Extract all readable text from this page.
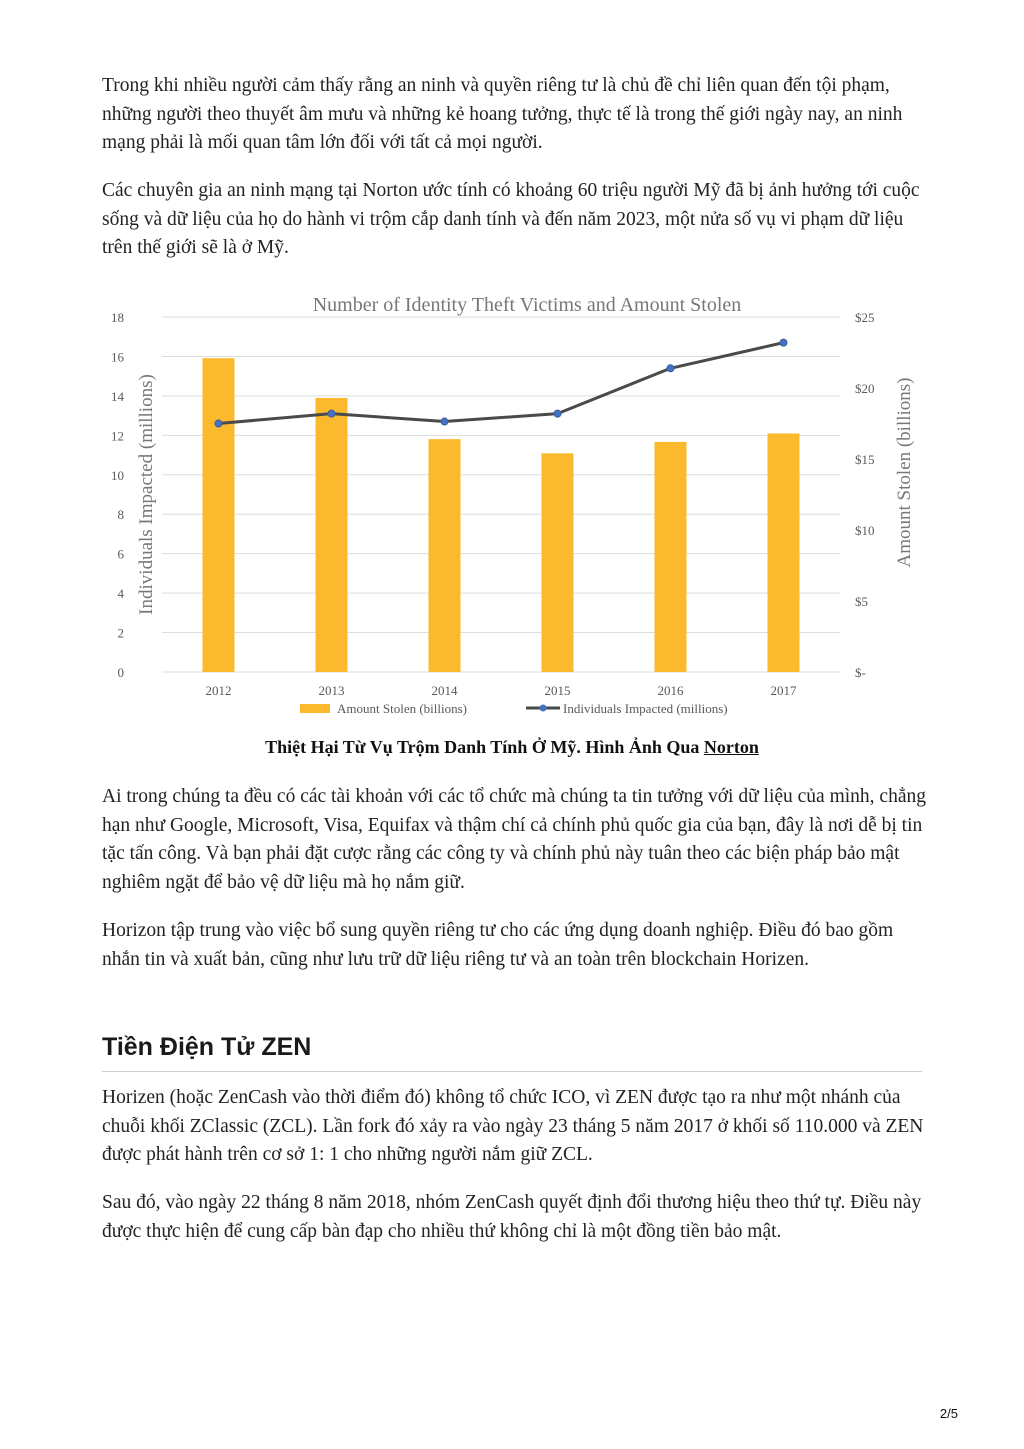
Trong khi nhiều người cảm thấy rằng an ninh và quyền riêng tư là chủ đề chỉ liên quan đến tội phạm, những người theo thuyết âm mưu và những kẻ hoang tưởng, thực tế là trong thế giới ngày nay, an ninh mạng phải là mối quan tâm lớn đối với tất cả mọi người.

Các chuyên gia an ninh mạng tại Norton ước tính có khoảng 60 triệu người Mỹ đã bị ảnh hưởng tới cuộc sống và dữ liệu của họ do hành vi trộm cắp danh tính và đến năm 2023, một nửa số vụ vi phạm dữ liệu trên thế giới sẽ là ở Mỹ.

0
2
4
6
8
10
12
14
16
18
$-
$5
$10
$15
$20
$25
2012	2013	2014	2015	2016	2017
Number of Identity Theft Victims and Amount Stolen
Individuals Impacted (millions)	Amount Stolen (billions)
Amount Stolen (billions)	Individuals Impacted (millions)
Thiệt Hại Từ Vụ Trộm Danh Tính Ở Mỹ. Hình Ảnh Qua Norton

Ai trong chúng ta đều có các tài khoản với các tổ chức mà chúng ta tin tưởng với dữ liệu của mình, chẳng hạn như Google, Microsoft, Visa, Equifax và thậm chí cả chính phủ quốc gia của bạn, đây là nơi dễ bị tin tặc tấn công. Và bạn phải đặt cược rằng các công ty và chính phủ này tuân theo các biện pháp bảo mật nghiêm ngặt để bảo vệ dữ liệu mà họ nắm giữ.

Horizon tập trung vào việc bổ sung quyền riêng tư cho các ứng dụng doanh nghiệp. Điều đó bao gồm nhắn tin và xuất bản, cũng như lưu trữ dữ liệu riêng tư và an toàn trên blockchain Horizen.

Tiền Điện Tử ZEN

Horizen (hoặc ZenCash vào thời điểm đó) không tổ chức ICO, vì ZEN được tạo ra như một nhánh của chuỗi khối ZClassic (ZCL). Lần fork đó xảy ra vào ngày 23 tháng 5 năm 2017 ở khối số 110.000 và ZEN được phát hành trên cơ sở 1: 1 cho những người nắm giữ ZCL.

Sau đó, vào ngày 22 tháng 8 năm 2018, nhóm ZenCash quyết định đổi thương hiệu theo thứ tự. Điều này được thực hiện để cung cấp bàn đạp cho nhiều thứ không chỉ là một đồng tiền bảo mật.

2/5
